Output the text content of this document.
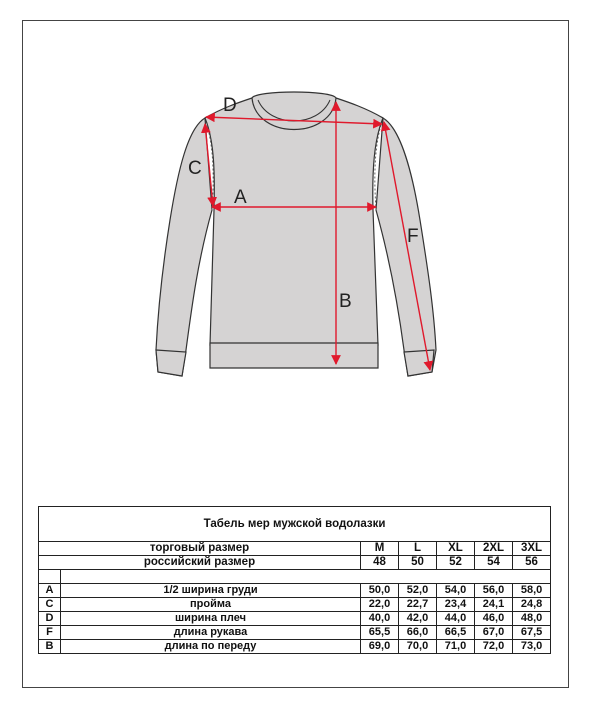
D
C
A
B
F
Табель мер мужской водолазки						
торговый размер		M	L	XL	2XL	3XL
российский размер		48	50	52	54	56

A	1/2 ширина груди	50,0	52,0	54,0	56,0	58,0
C	пройма	22,0	22,7	23,4	24,1	24,8
D	ширина плеч	40,0	42,0	44,0	46,0	48,0
F	длина рукава	65,5	66,0	66,5	67,0	67,5
B	длина по переду	69,0	70,0	71,0	72,0	73,0
